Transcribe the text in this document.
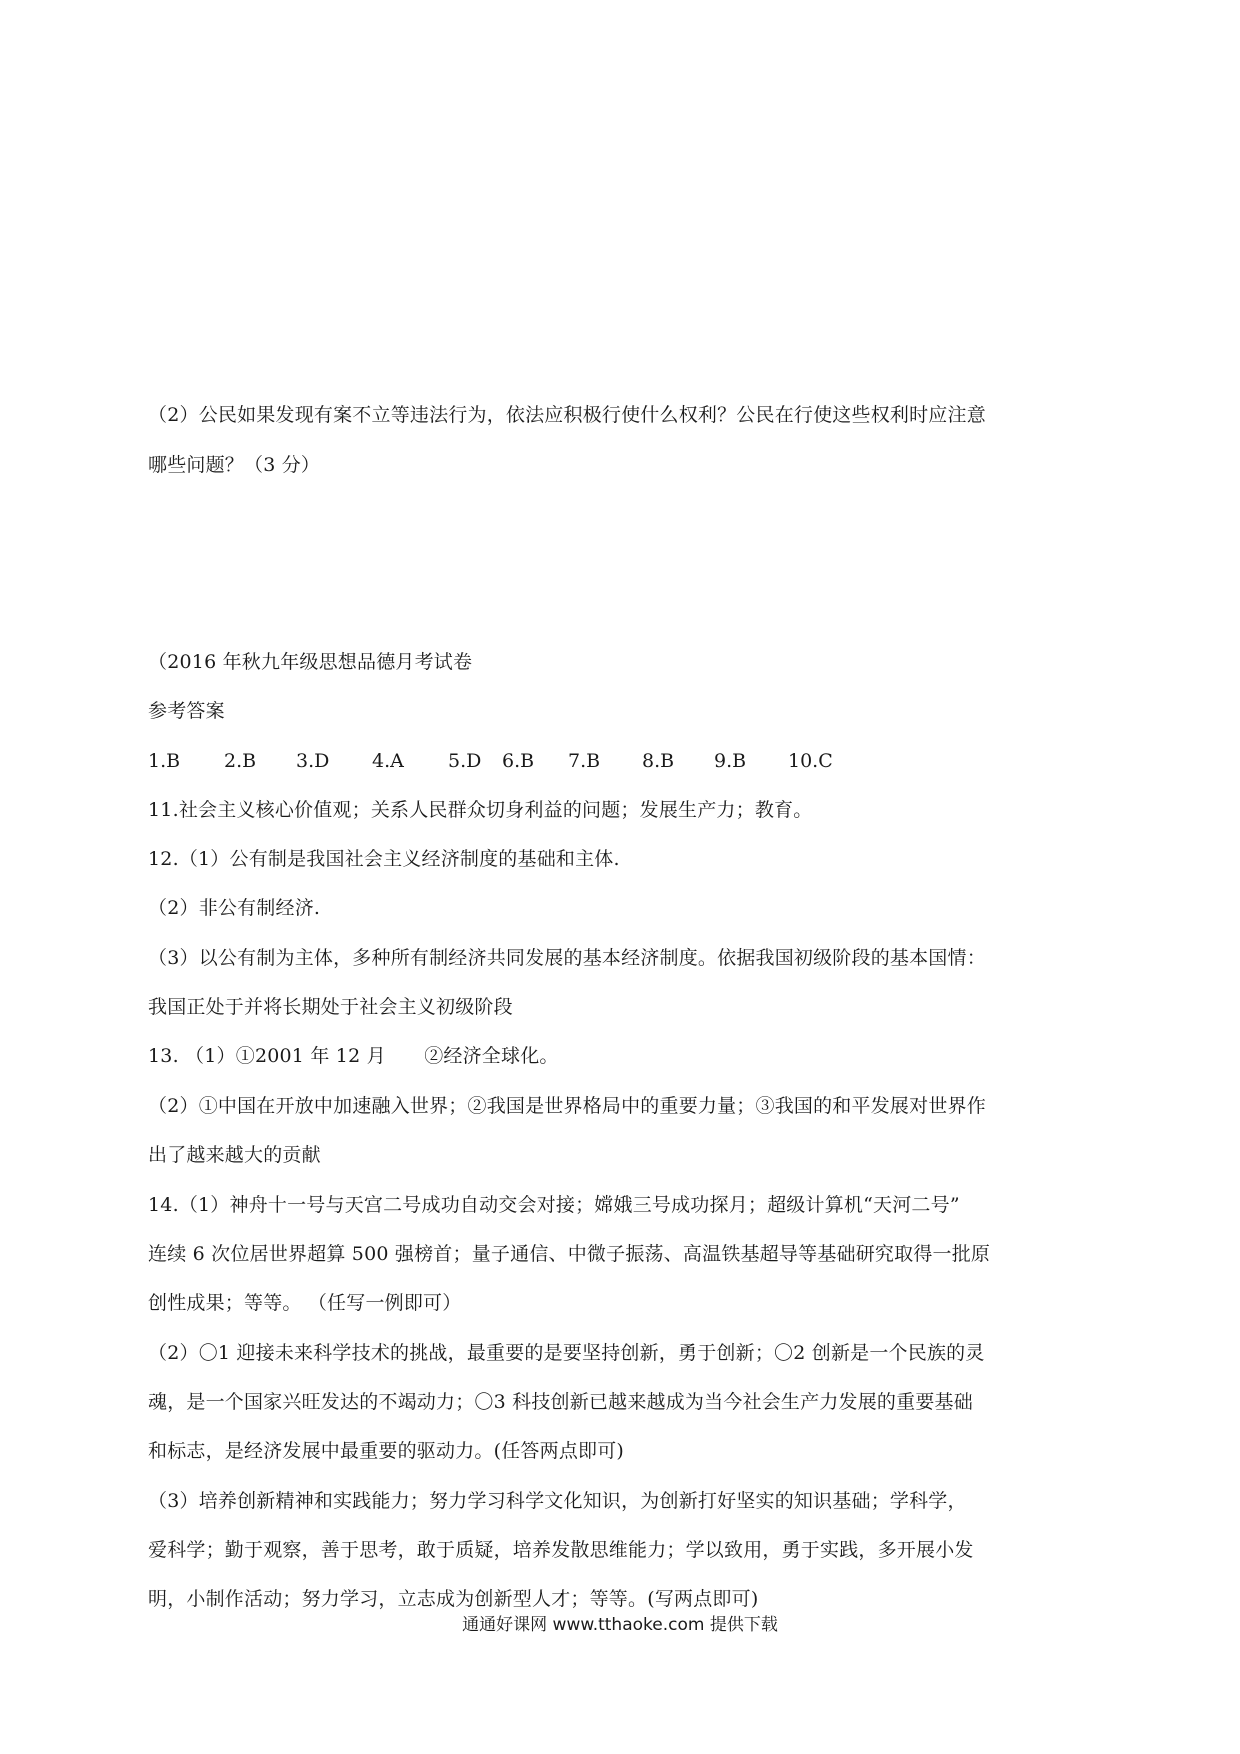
（2）公民如果发现有案不立等违法行为，依法应积极行使什么权利？公民在行使这些权利时应注意
哪些问题？（3 分）
（2016 年秋九年级思想品德月考试卷
参考答案
1.B 2.B 3.D 4.A 5.D 6.B 7.B 8.B 9.B 10.C
11.社会主义核心价值观；关系人民群众切身利益的问题；发展生产力；教育。
12.（1）公有制是我国社会主义经济制度的基础和主体.
（2）非公有制经济.
（3）以公有制为主体，多种所有制经济共同发展的基本经济制度。依据我国初级阶段的基本国情：
我国正处于并将长期处于社会主义初级阶段
13. （1）①2001 年 12 月　　②经济全球化。
（2）①中国在开放中加速融入世界；②我国是世界格局中的重要力量；③我国的和平发展对世界作
出了越来越大的贡献
14.（1）神舟十一号与天宫二号成功自动交会对接；嫦娥三号成功探月；超级计算机“天河二号”
连续 6 次位居世界超算 500 强榜首；量子通信、中微子振荡、高温铁基超导等基础研究取得一批原
创性成果；等等。 （任写一例即可）
（2）〇1 迎接未来科学技术的挑战，最重要的是要坚持创新，勇于创新；〇2 创新是一个民族的灵
魂，是一个国家兴旺发达的不竭动力；〇3 科技创新已越来越成为当今社会生产力发展的重要基础
和标志，是经济发展中最重要的驱动力。(任答两点即可)
（3）培养创新精神和实践能力；努力学习科学文化知识，为创新打好坚实的知识基础；学科学，
爱科学；勤于观察，善于思考，敢于质疑，培养发散思维能力；学以致用，勇于实践，多开展小发
明，小制作活动；努力学习，立志成为创新型人才；等等。(写两点即可)
通通好课网 www.tthaoke.com 提供下载
